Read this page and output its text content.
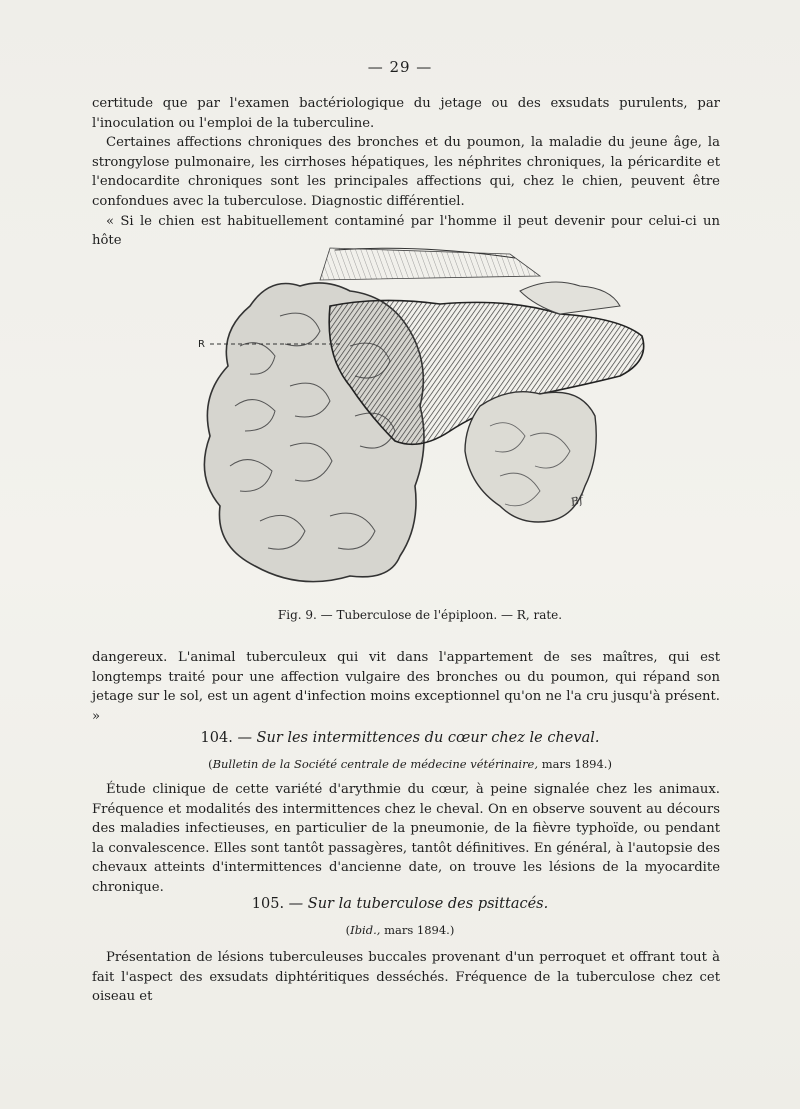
— 29 —

certitude que par l'examen bactériologique du jetage ou des exsudats purulents, par l'inoculation ou l'emploi de la tuberculine.

Certaines affections chroniques des bronches et du poumon, la maladie du jeune âge, la strongylose pulmonaire, les cirrhoses hépatiques, les néphrites chroniques, la péricardite et l'endocardite chroniques sont les principales affections qui, chez le chien, peuvent être confondues avec la tuberculose. Diagnostic différentiel.

« Si le chien est habituellement contaminé par l'homme il peut devenir pour celui-ci un hôte

Bf
R
Fig. 9. — Tuberculose de l'épiploon. — R, rate.

dangereux. L'animal tuberculeux qui vit dans l'appartement de ses maîtres, qui est longtemps traité pour une affection vulgaire des bronches ou du poumon, qui répand son jetage sur le sol, est un agent d'infection moins exceptionnel qu'on ne l'a cru jusqu'à présent. »

104. — Sur les intermittences du cœur chez le cheval.
(Bulletin de la Société centrale de médecine vétérinaire, mars 1894.)

Étude clinique de cette variété d'arythmie du cœur, à peine signalée chez les animaux. Fréquence et modalités des intermittences chez le cheval. On en observe souvent au décours des maladies infectieuses, en particulier de la pneumonie, de la fièvre typhoïde, ou pendant la convalescence. Elles sont tantôt passagères, tantôt définitives. En général, à l'autopsie des chevaux atteints d'intermittences d'ancienne date, on trouve les lésions de la myocardite chronique.

105. — Sur la tuberculose des psittacés.
(Ibid., mars 1894.)

Présentation de lésions tuberculeuses buccales provenant d'un perroquet et offrant tout à fait l'aspect des exsudats diphtéritiques desséchés. Fréquence de la tuberculose chez cet oiseau et
